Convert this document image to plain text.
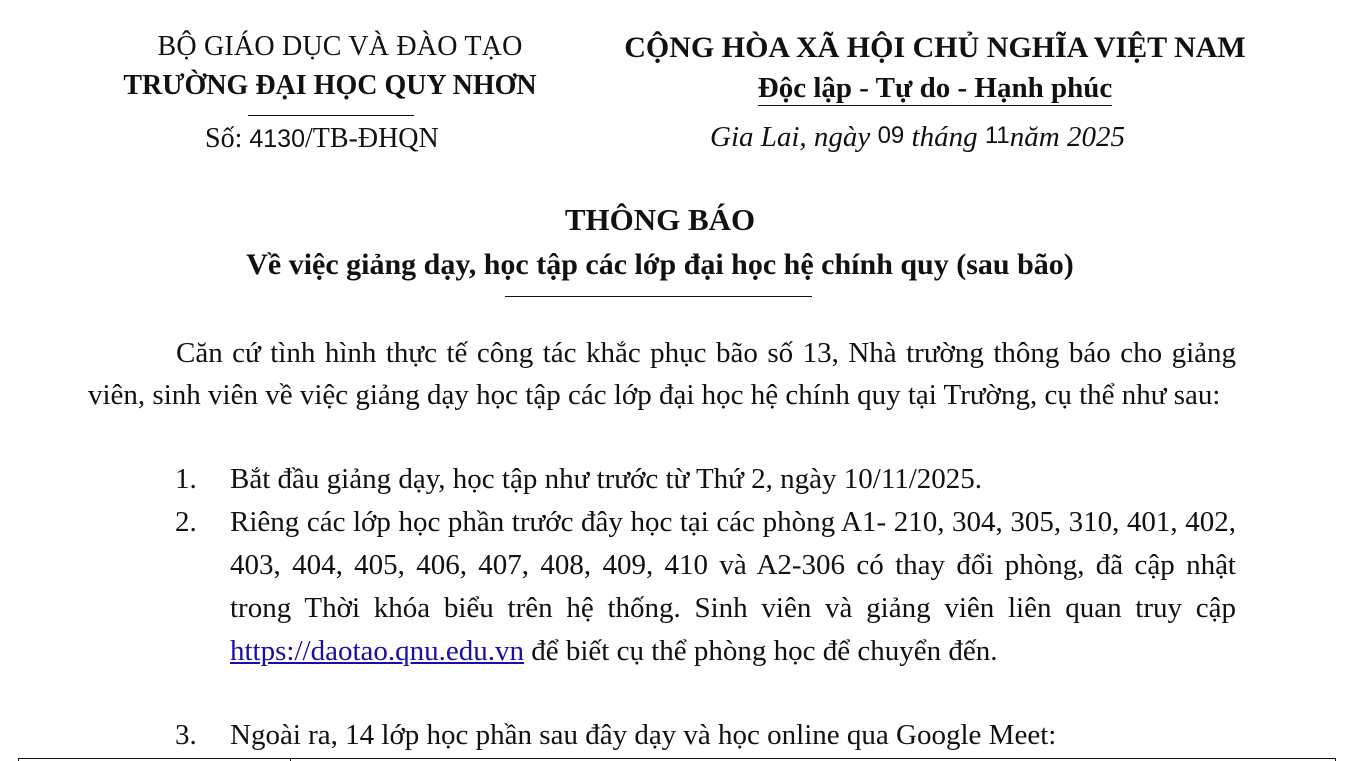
BỘ GIÁO DỤC VÀ ĐÀO TẠO
TRƯỜNG ĐẠI HỌC QUY NHƠN
Số: 4130/TB-ĐHQN
CỘNG HÒA XÃ HỘI CHỦ NGHĨA VIỆT NAM
Độc lập - Tự do - Hạnh phúc
Gia Lai, ngày 09 tháng 11năm 2025
THÔNG BÁO
Về việc giảng dạy, học tập các lớp đại học hệ chính quy (sau bão)

Căn cứ tình hình thực tế công tác khắc phục bão số 13, Nhà trường thông báo cho giảng viên, sinh viên về việc giảng dạy học tập các lớp đại học hệ chính quy tại Trường, cụ thể như sau:

1.	Bắt đầu giảng dạy, học tập như trước từ Thứ 2, ngày 10/11/2025.
2.	Riêng các lớp học phần trước đây học tại các phòng A1- 210, 304, 305, 310, 401, 402, 403, 404, 405, 406, 407, 408, 409, 410 và A2-306 có thay đổi phòng, đã cập nhật trong Thời khóa biểu trên hệ thống. Sinh viên và giảng viên liên quan truy cập https://daotao.qnu.edu.vn để biết cụ thể phòng học để chuyển đến.
3.	Ngoài ra, 14 lớp học phần sau đây dạy và học online qua Google Meet:
